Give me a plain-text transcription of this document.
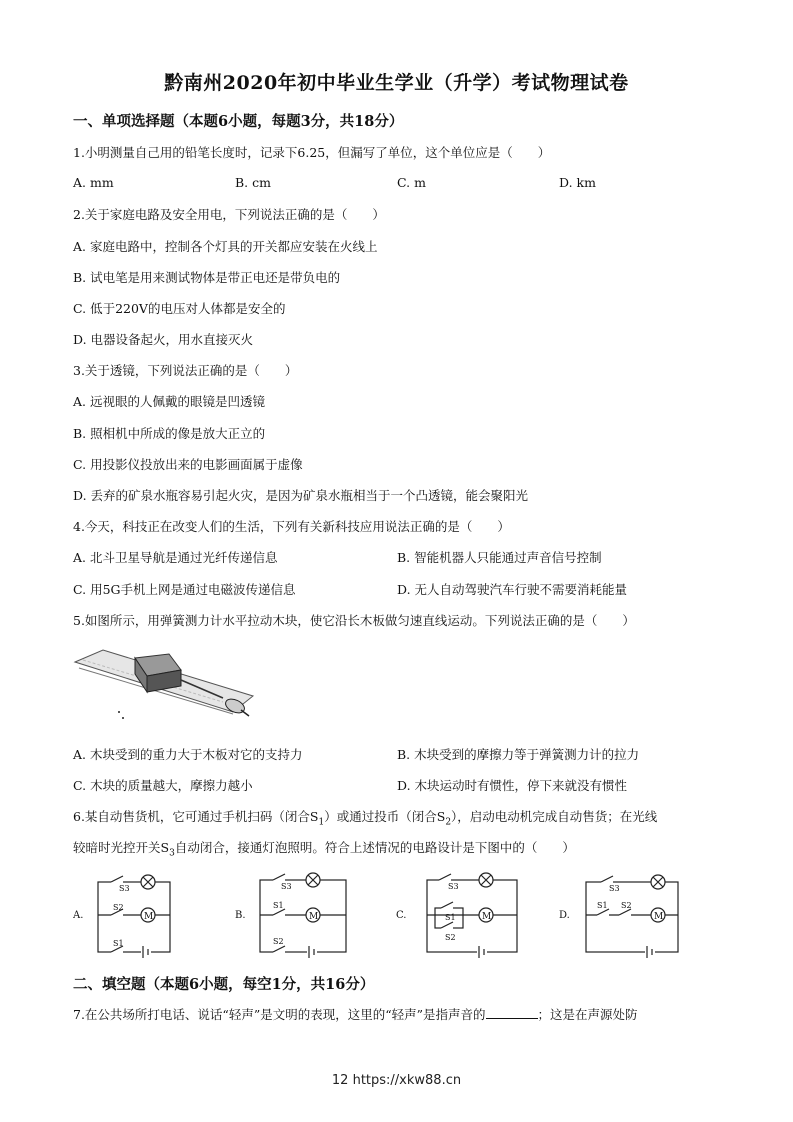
黔南州2020年初中毕业生学业（升学）考试物理试卷
一、单项选择题（本题6小题，每题3分，共18分）
1.小明测量自己用的铅笔长度时，记录下6.25，但漏写了单位，这个单位应是（　　）
A. mm	B. cm	C. m	D. km
2.关于家庭电路及安全用电，下列说法正确的是（　　）
A. 家庭电路中，控制各个灯具的开关都应安装在火线上
B. 试电笔是用来测试物体是带正电还是带负电的
C. 低于220V的电压对人体都是安全的
D. 电器设备起火，用水直接灭火
3.关于透镜，下列说法正确的是（　　）
A. 远视眼的人佩戴的眼镜是凹透镜
B. 照相机中所成的像是放大正立的
C. 用投影仪投放出来的电影画面属于虚像
D. 丢弃的矿泉水瓶容易引起火灾，是因为矿泉水瓶相当于一个凸透镜，能会聚阳光
4.今天，科技正在改变人们的生活，下列有关新科技应用说法正确的是（　　）
A. 北斗卫星导航是通过光纤传递信息	B. 智能机器人只能通过声音信号控制
C. 用5G手机上网是通过电磁波传递信息	D. 无人自动驾驶汽车行驶不需要消耗能量
5.如图所示，用弹簧测力计水平拉动木块，使它沿长木板做匀速直线运动。下列说法正确的是（　　）
A. 木块受到的重力大于木板对它的支持力	B. 木块受到的摩擦力等于弹簧测力计的拉力
C. 木块的质量越大，摩擦力越小	D. 木块运动时有惯性，停下来就没有惯性
6.某自动售货机，它可通过手机扫码（闭合$S_1$）或通过投币（闭合$S_2$），启动电动机完成自动售货；在光线
较暗时光控开关$S_3$自动闭合，接通灯泡照明。符合上述情况的电路设计是下图中的（　　）
A.	B.	C.	D.
S3
S2
S1
S3
S1
S2
S3
S1
S2
S3
S1 S2
M	M	M	M
二、填空题（本题6小题，每空1分，共16分）
7.在公共场所打电话、说话“轻声”是文明的表现，这里的“轻声”是指声音的	；这是在声源处防
12 https://xkw88.cn
